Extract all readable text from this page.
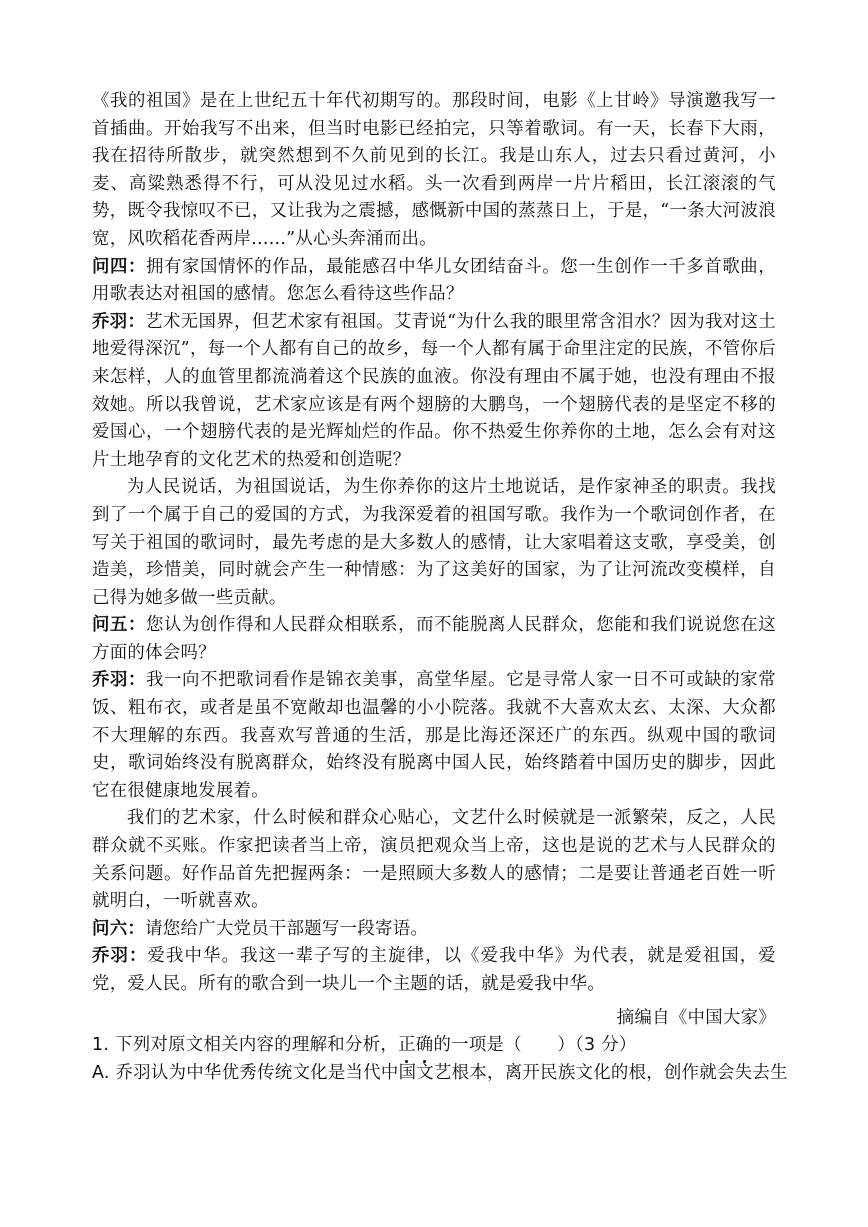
《我的祖国》是在上世纪五十年代初期写的。那段时间，电影《上甘岭》导演邀我写一首插曲。开始我写不出来，但当时电影已经拍完，只等着歌词。有一天，长春下大雨，我在招待所散步，就突然想到不久前见到的长江。我是山东人，过去只看过黄河，小麦、高粱熟悉得不行，可从没见过水稻。头一次看到两岸一片片稻田，长江滚滚的气势，既令我惊叹不已，又让我为之震撼，感慨新中国的蒸蒸日上，于是，“一条大河波浪宽，风吹稻花香两岸......”从心头奔涌而出。

问四：拥有家国情怀的作品，最能感召中华儿女团结奋斗。您一生创作一千多首歌曲，用歌表达对祖国的感情。您怎么看待这些作品？

乔羽：艺术无国界，但艺术家有祖国。艾青说“为什么我的眼里常含泪水？因为我对这土地爱得深沉”，每一个人都有自己的故乡，每一个人都有属于命里注定的民族，不管你后来怎样，人的血管里都流淌着这个民族的血液。你没有理由不属于她，也没有理由不报效她。所以我曾说，艺术家应该是有两个翅膀的大鹏鸟，一个翅膀代表的是坚定不移的爱国心，一个翅膀代表的是光辉灿烂的作品。你不热爱生你养你的土地，怎么会有对这片土地孕育的文化艺术的热爱和创造呢？

为人民说话，为祖国说话，为生你养你的这片土地说话，是作家神圣的职责。我找到了一个属于自己的爱国的方式，为我深爱着的祖国写歌。我作为一个歌词创作者，在写关于祖国的歌词时，最先考虑的是大多数人的感情，让大家唱着这支歌，享受美，创造美，珍惜美，同时就会产生一种情感：为了这美好的国家，为了让河流改变模样，自己得为她多做一些贡献。

问五：您认为创作得和人民群众相联系，而不能脱离人民群众，您能和我们说说您在这方面的体会吗？

乔羽：我一向不把歌词看作是锦衣美事，高堂华屋。它是寻常人家一日不可或缺的家常饭、粗布衣，或者是虽不宽敞却也温馨的小小院落。我就不大喜欢太玄、太深、大众都不大理解的东西。我喜欢写普通的生活，那是比海还深还广的东西。纵观中国的歌词史，歌词始终没有脱离群众，始终没有脱离中国人民，始终踏着中国历史的脚步，因此它在很健康地发展着。

我们的艺术家，什么时候和群众心贴心，文艺什么时候就是一派繁荣，反之，人民群众就不买账。作家把读者当上帝，演员把观众当上帝，这也是说的艺术与人民群众的关系问题。好作品首先把握两条：一是照顾大多数人的感情；二是要让普通老百姓一听就明白，一听就喜欢。

问六：请您给广大党员干部题写一段寄语。

乔羽：爱我中华。我这一辈子写的主旋律，以《爱我中华》为代表，就是爱祖国，爱党，爱人民。所有的歌合到一块儿一个主题的话，就是爱我中华。

摘编自《中国大家》

1. 下列对原文相关内容的理解和分析，正确的一项是（　　）（3 分）

A. 乔羽认为中华优秀传统文化是当代中国文艺根本，离开民族文化的根，创作就会失去生
